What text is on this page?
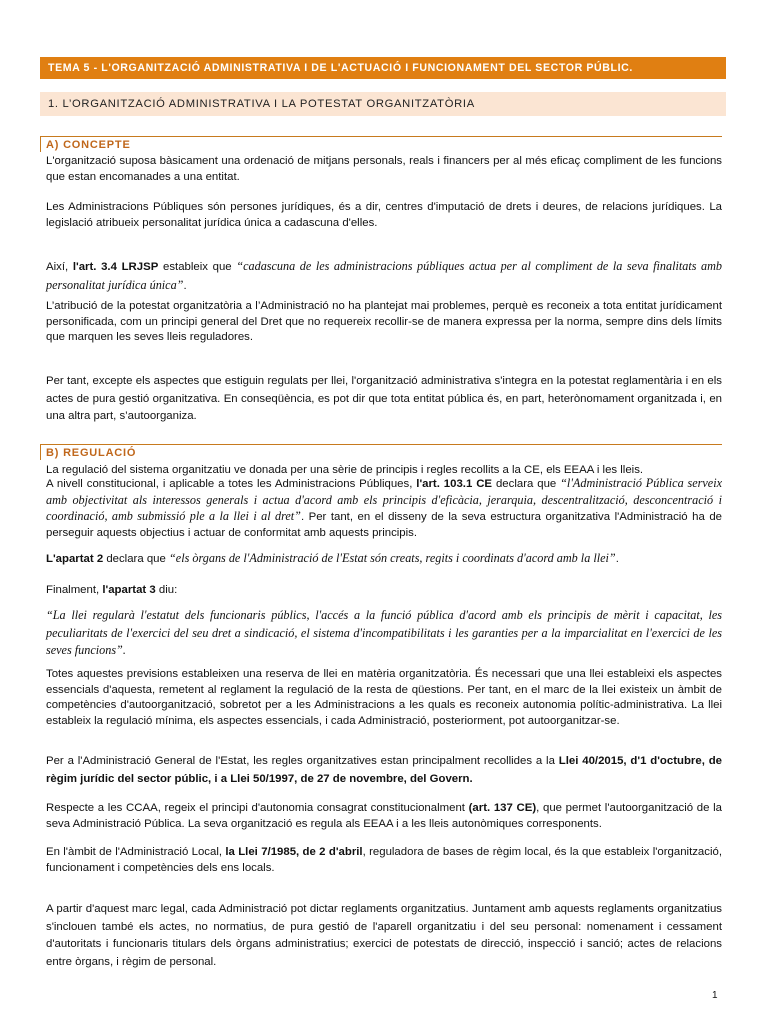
TEMA 5 - L'ORGANITZACIÓ ADMINISTRATIVA I DE L'ACTUACIÓ I FUNCIONAMENT DEL SECTOR PÚBLIC.
1. L’ORGANITZACIÓ ADMINISTRATIVA I LA POTESTAT ORGANITZATÒRIA
A) CONCEPTE

L'organització suposa bàsicament una ordenació de mitjans personals, reals i financers per al més eficaç compliment de les funcions que estan encomanades a una entitat.

Les Administracions Públiques són persones jurídiques, és a dir, centres d'imputació de drets i deures, de relacions jurídiques. La legislació atribueix personalitat jurídica única a cadascuna d'elles.

Així, l'art. 3.4 LRJSP estableix que “cadascuna de les administracions públiques actua per al compliment de la seva finalitats amb personalitat jurídica única”.

L’atribució de la potestat organitzatòria a l’Administració no ha plantejat mai problemes, perquè es reconeix a tota entitat jurídicament personificada, com un principi general del Dret que no requereix recollir-se de manera expressa per la norma, sempre dins dels límits que marquen les seves lleis reguladores.

Per tant, excepte els aspectes que estiguin regulats per llei, l'organització administrativa s'integra en la potestat reglamentària i en els actes de pura gestió organitzativa. En conseqüència, es pot dir que tota entitat pública és, en part, heterònomament organitzada i, en una altra part, s’autoorganiza.

B) REGULACIÓ

La regulació del sistema organitzatiu ve donada per una sèrie de principis i regles recollits a la CE, els EEAA i les lleis.

A nivell constitucional, i aplicable a totes les Administracions Públiques, l'art. 103.1 CE declara que “l'Administració Pública serveix amb objectivitat als interessos generals i actua d'acord amb els principis d'eficàcia, jerarquia, descentralització, desconcentració i coordinació, amb submissió ple a la llei i al dret”. Per tant, en el disseny de la seva estructura organitzativa l'Administració ha de perseguir aquests objectius i actuar de conformitat amb aquests principis.

L'apartat 2 declara que “els òrgans de l'Administració de l'Estat són creats, regits i coordinats d'acord amb la llei”.

Finalment, l'apartat 3 diu:

“La llei regularà l'estatut dels funcionaris públics, l'accés a la funció pública d'acord amb els principis de mèrit i capacitat, les peculiaritats de l'exercici del seu dret a sindicació, el sistema d'incompatibilitats i les garanties per a la imparcialitat en l'exercici de les seves funcions”.

Totes aquestes previsions estableixen una reserva de llei en matèria organitzatòria. És necessari que una llei estableixi els aspectes essencials d'aquesta, remetent al reglament la regulació de la resta de qüestions. Per tant, en el marc de la llei existeix un àmbit de competències d'autoorganització, sobretot per a les Administracions a les quals es reconeix autonomia polític-administrativa. La llei estableix la regulació mínima, els aspectes essencials, i cada Administració, posteriorment, pot autoorganitzar-se.

Per a l'Administració General de l'Estat, les regles organitzatives estan principalment recollides a la Llei 40/2015, d'1 d'octubre, de règim jurídic del sector públic, i a Llei 50/1997, de 27 de novembre, del Govern.

Respecte a les CCAA, regeix el principi d'autonomia consagrat constitucionalment (art. 137 CE), que permet l'autoorganització de la seva Administració Pública. La seva organització es regula als EEAA i a les lleis autonòmiques corresponents.

En l'àmbit de l'Administració Local, la Llei 7/1985, de 2 d'abril, reguladora de bases de règim local, és la que estableix l'organització, funcionament i competències dels ens locals.

A partir d'aquest marc legal, cada Administració pot dictar reglaments organitzatius. Juntament amb aquests reglaments organitzatius s'inclouen també els actes, no normatius, de pura gestió de l'aparell organitzatiu i del seu personal: nomenament i cessament d'autoritats i funcionaris titulars dels òrgans administratius; exercici de potestats de direcció, inspecció i sanció; actes de relacions entre òrgans, i règim de personal.

1
